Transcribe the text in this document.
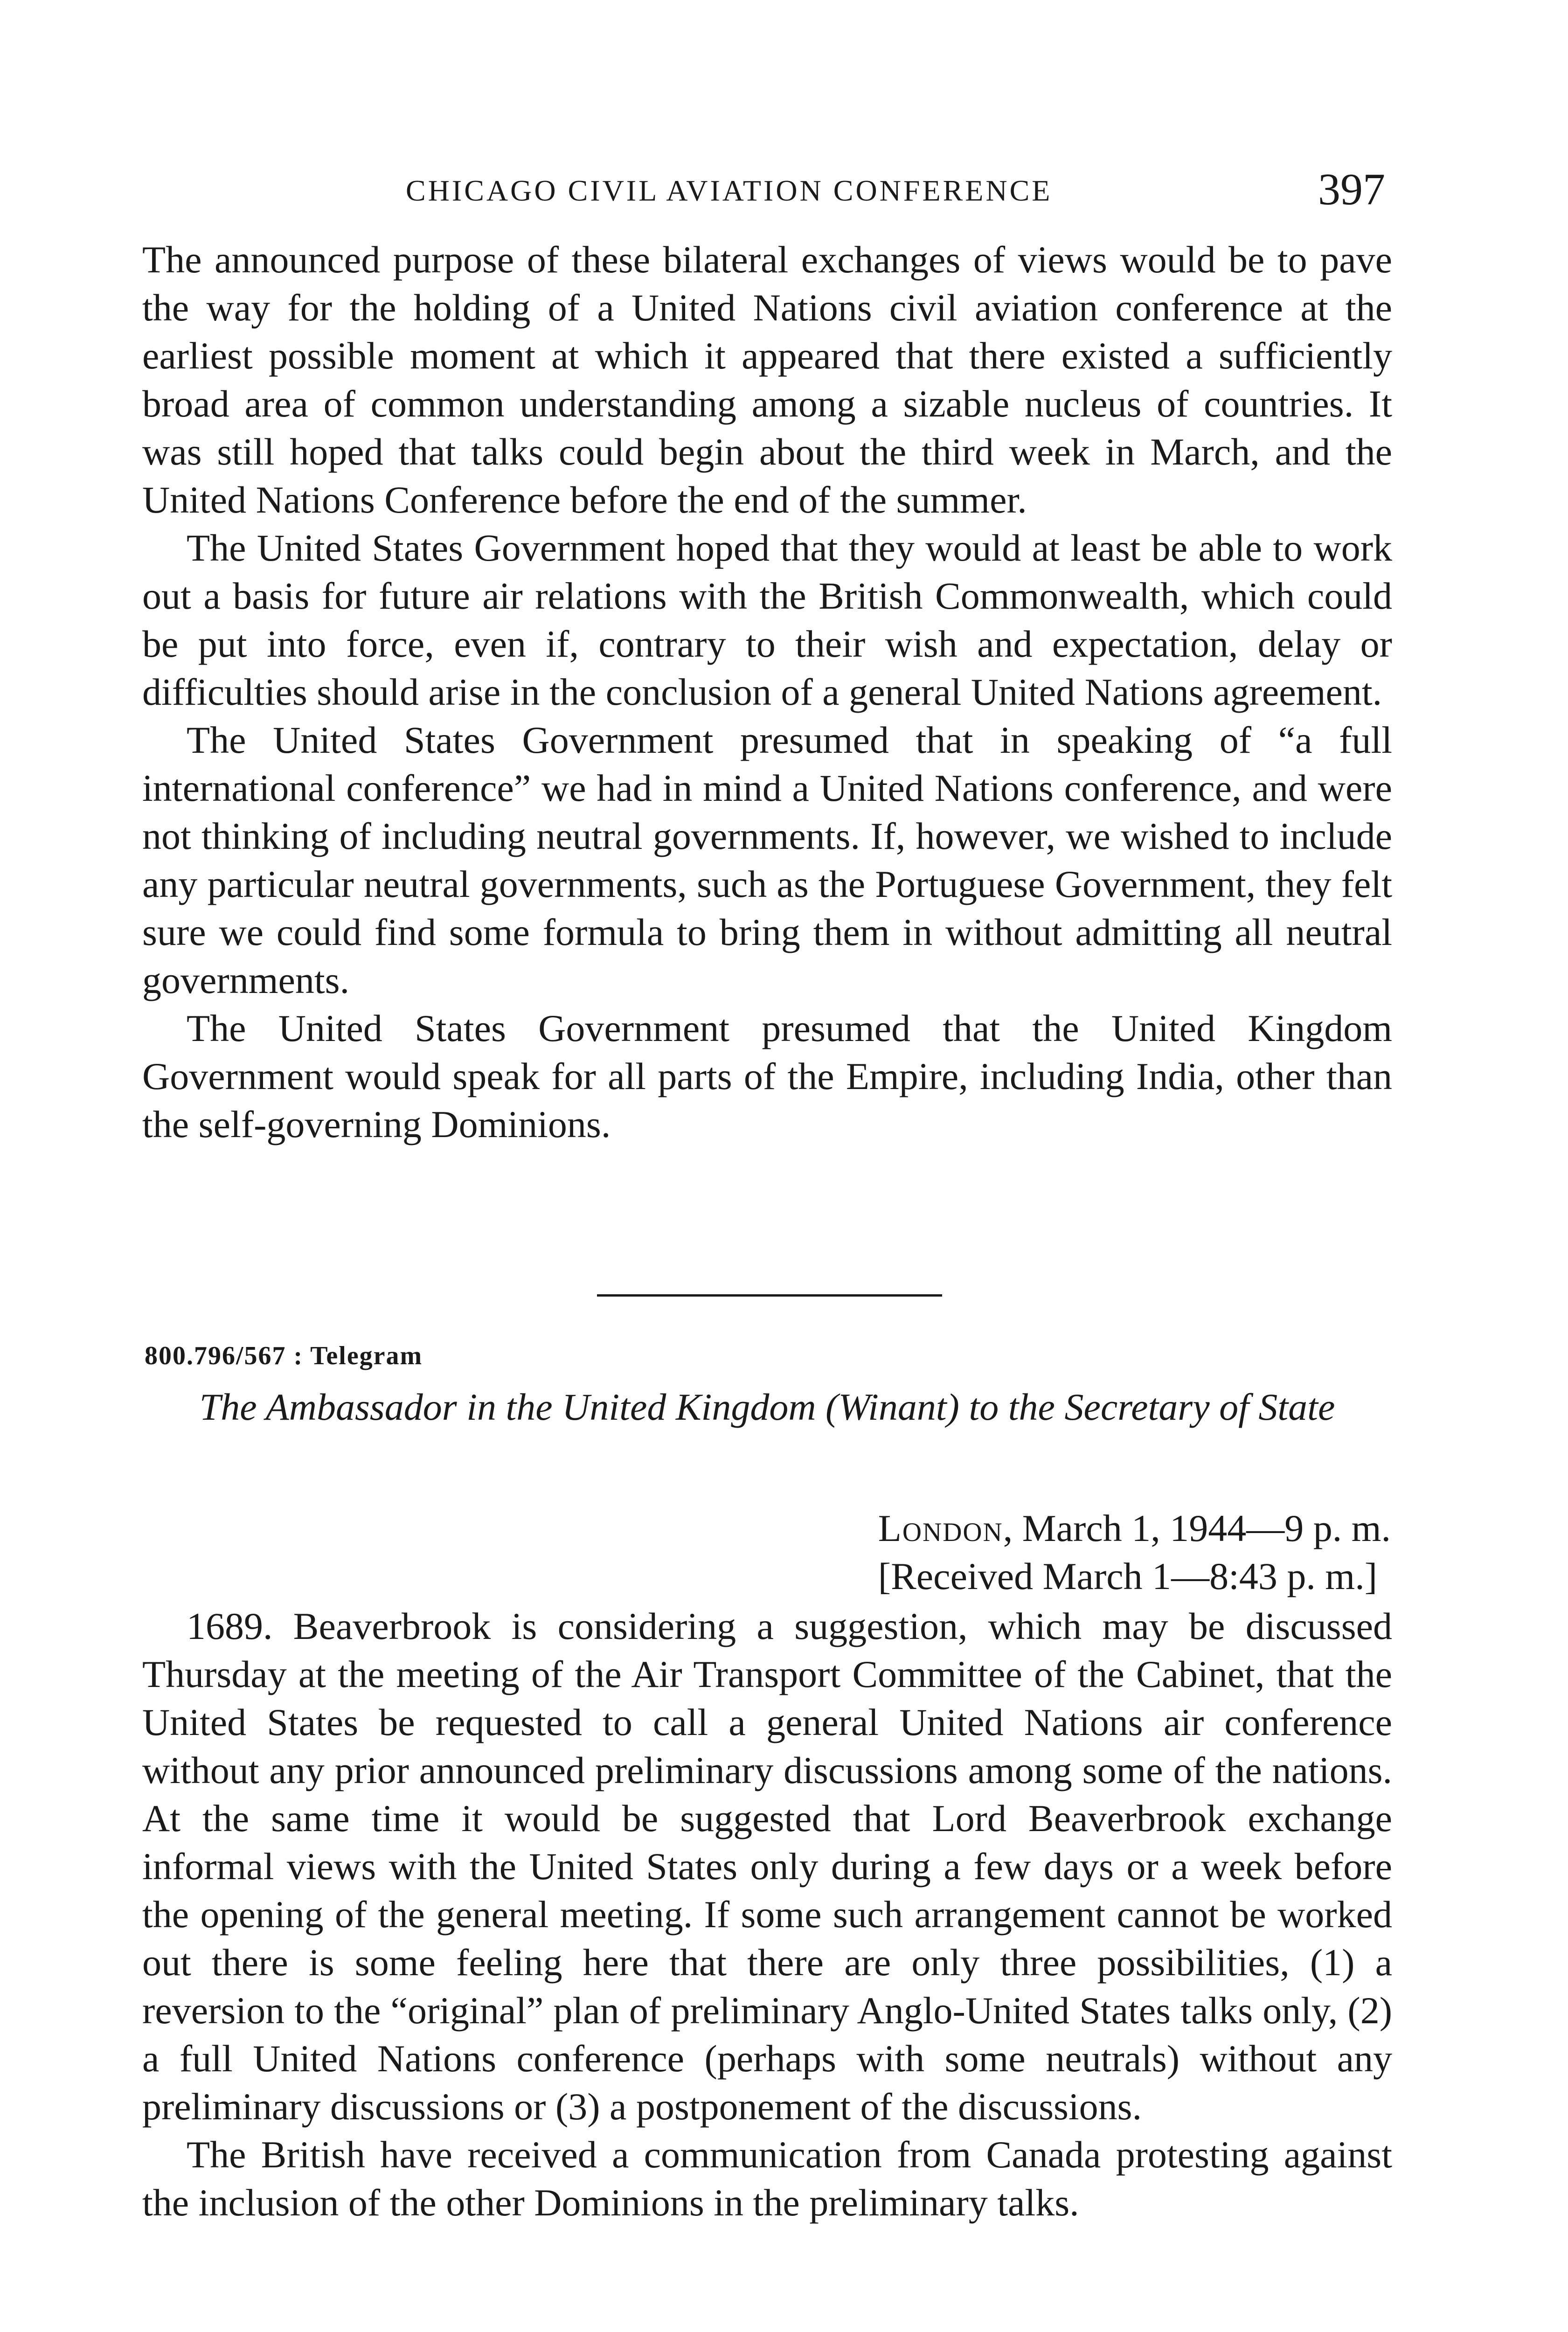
CHICAGO CIVIL AVIATION CONFERENCE	397

The announced purpose of these bilateral exchanges of views would be to pave the way for the holding of a United Nations civil aviation conference at the earliest possible moment at which it appeared that there existed a sufficiently broad area of common understanding among a sizable nucleus of countries. It was still hoped that talks could begin about the third week in March, and the United Nations Conference before the end of the summer.

The United States Government hoped that they would at least be able to work out a basis for future air relations with the British Commonwealth, which could be put into force, even if, contrary to their wish and expectation, delay or difficulties should arise in the conclusion of a general United Nations agreement.

The United States Government presumed that in speaking of “a full international conference” we had in mind a United Nations conference, and were not thinking of including neutral governments. If, however, we wished to include any particular neutral governments, such as the Portuguese Government, they felt sure we could find some formula to bring them in without admitting all neutral governments.

The United States Government presumed that the United Kingdom Government would speak for all parts of the Empire, including India, other than the self-governing Dominions.

800.796/567 : Telegram
The Ambassador in the United Kingdom (Winant) to the Secretary of State
London, March 1, 1944—9 p. m.
[Received March 1—8:43 p. m.]

1689. Beaverbrook is considering a suggestion, which may be discussed Thursday at the meeting of the Air Transport Committee of the Cabinet, that the United States be requested to call a general United Nations air conference without any prior announced preliminary discussions among some of the nations. At the same time it would be suggested that Lord Beaverbrook exchange informal views with the United States only during a few days or a week before the opening of the general meeting. If some such arrangement cannot be worked out there is some feeling here that there are only three possibilities, (1) a reversion to the “original” plan of preliminary Anglo-United States talks only, (2) a full United Nations conference (perhaps with some neutrals) without any preliminary discussions or (3) a postponement of the discussions.

The British have received a communication from Canada protesting against the inclusion of the other Dominions in the preliminary talks.
